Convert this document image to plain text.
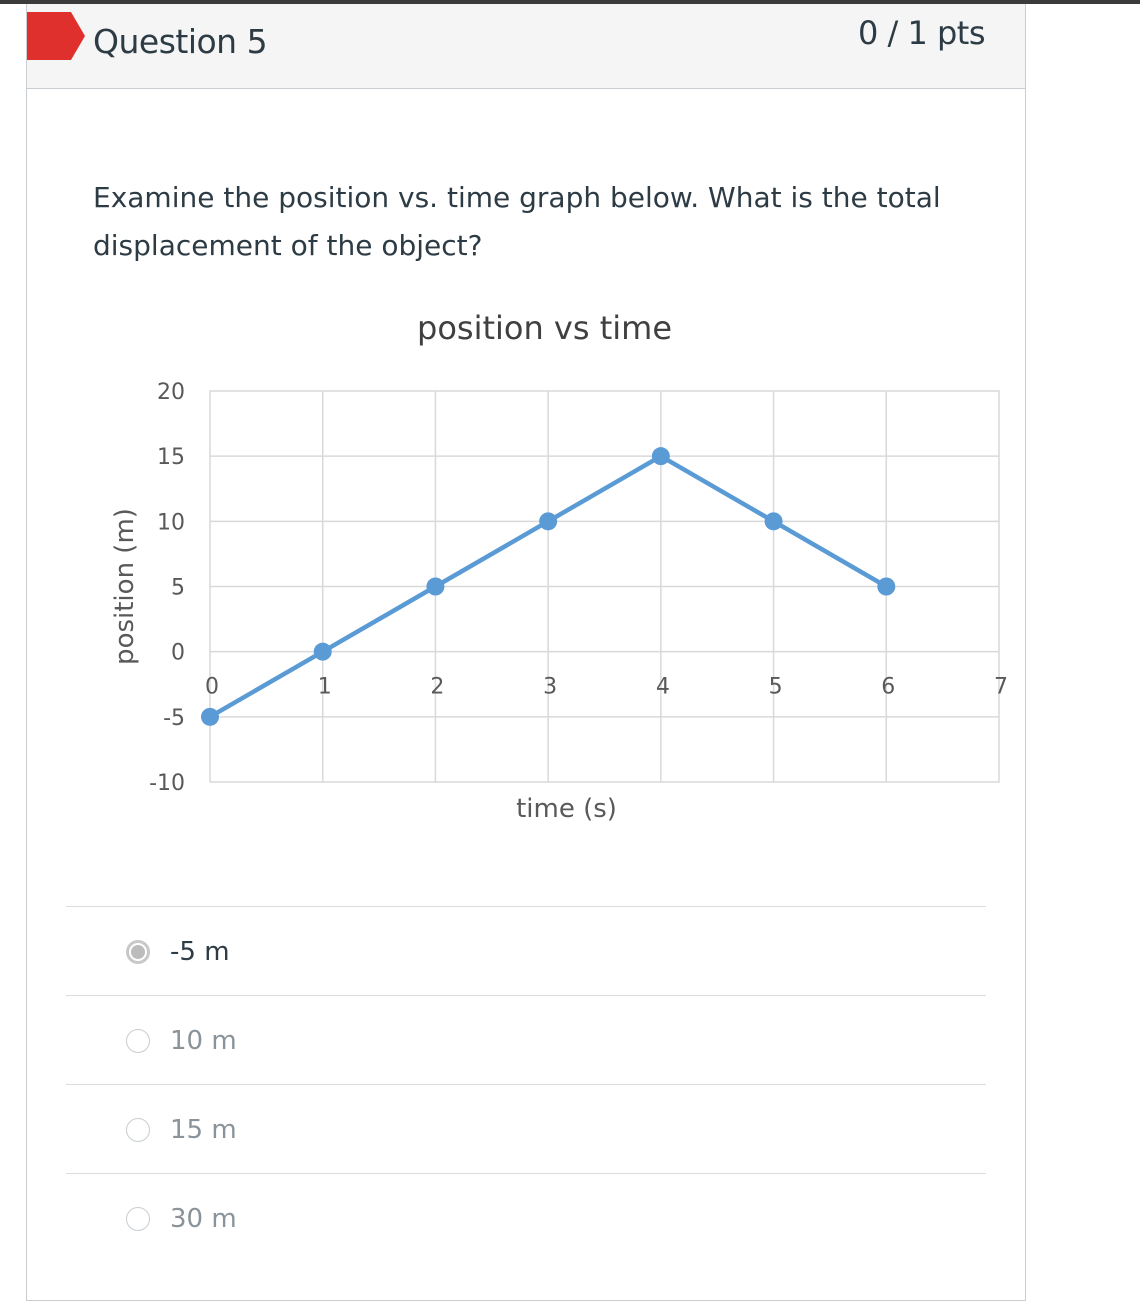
Question 5	0 / 1 pts
Examine the position vs. time graph below. What is the total displacement of the object?
position vs time
20
15
10
5
0
-5
-10
0	1	2	3	4	5	6	7
time (s)
position (m)
-5 m
10 m
15 m
30 m
